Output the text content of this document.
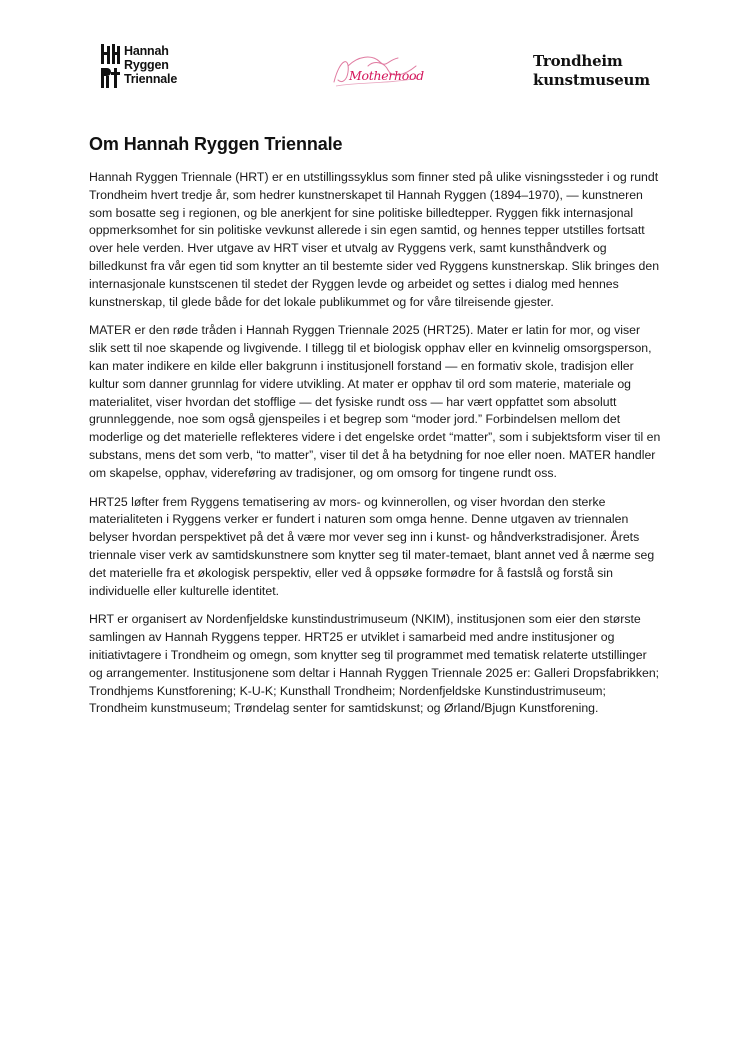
Hannah
Ryggen
Triennale	Motherhood
Trondheim
kunstmuseum
Om Hannah Ryggen Triennale

Hannah Ryggen Triennale (HRT) er en utstillingssyklus som finner sted på ulike visningssteder i og rundt Trondheim hvert tredje år, som hedrer kunstnerskapet til Hannah Ryggen (1894–1970), — kunstneren som bosatte seg i regionen, og ble anerkjent for sine politiske billedtepper. Ryggen fikk internasjonal oppmerksomhet for sin politiske vevkunst allerede i sin egen samtid, og hennes tepper utstilles fortsatt over hele verden. Hver utgave av HRT viser et utvalg av Ryggens verk, samt kunsthåndverk og billedkunst fra vår egen tid som knytter an til bestemte sider ved Ryggens kunstnerskap. Slik bringes den internasjonale kunstscenen til stedet der Ryggen levde og arbeidet og settes i dialog med hennes kunstnerskap, til glede både for det lokale publikummet og for våre tilreisende gjester.

MATER er den røde tråden i Hannah Ryggen Triennale 2025 (HRT25). Mater er latin for mor, og viser slik sett til noe skapende og livgivende. I tillegg til et biologisk opphav eller en kvinnelig omsorgsperson, kan mater indikere en kilde eller bakgrunn i institusjonell forstand — en formativ skole, tradisjon eller kultur som danner grunnlag for videre utvikling. At mater er opphav til ord som materie, materiale og materialitet, viser hvordan det stofflige — det fysiske rundt oss — har vært oppfattet som absolutt grunnleggende, noe som også gjenspeiles i et begrep som “moder jord.” Forbindelsen mellom det moderlige og det materielle reflekteres videre i det engelske ordet “matter”, som i subjektsform viser til en substans, mens det som verb, “to matter”, viser til det å ha betydning for noe eller noen. MATER handler om skapelse, opphav, videreføring av tradisjoner, og om omsorg for tingene rundt oss.

HRT25 løfter frem Ryggens tematisering av mors- og kvinnerollen, og viser hvordan den sterke materialiteten i Ryggens verker er fundert i naturen som omga henne. Denne utgaven av triennalen belyser hvordan perspektivet på det å være mor vever seg inn i kunst- og håndverkstradisjoner. Årets triennale viser verk av samtidskunstnere som knytter seg til mater-temaet, blant annet ved å nærme seg det materielle fra et økologisk perspektiv, eller ved å oppsøke formødre for å fastslå og forstå sin individuelle eller kulturelle identitet.

HRT er organisert av Nordenfjeldske kunstindustrimuseum (NKIM), institusjonen som eier den største samlingen av Hannah Ryggens tepper. HRT25 er utviklet i samarbeid med andre institusjoner og initiativtagere i Trondheim og omegn, som knytter seg til programmet med tematisk relaterte utstillinger og arrangementer. Institusjonene som deltar i Hannah Ryggen Triennale 2025 er: Galleri Dropsfabrikken; Trondhjems Kunstforening; K-U-K; Kunsthall Trondheim; Nordenfjeldske Kunstindustrimuseum; Trondheim kunstmuseum; Trøndelag senter for samtidskunst; og Ørland/Bjugn Kunstforening.
